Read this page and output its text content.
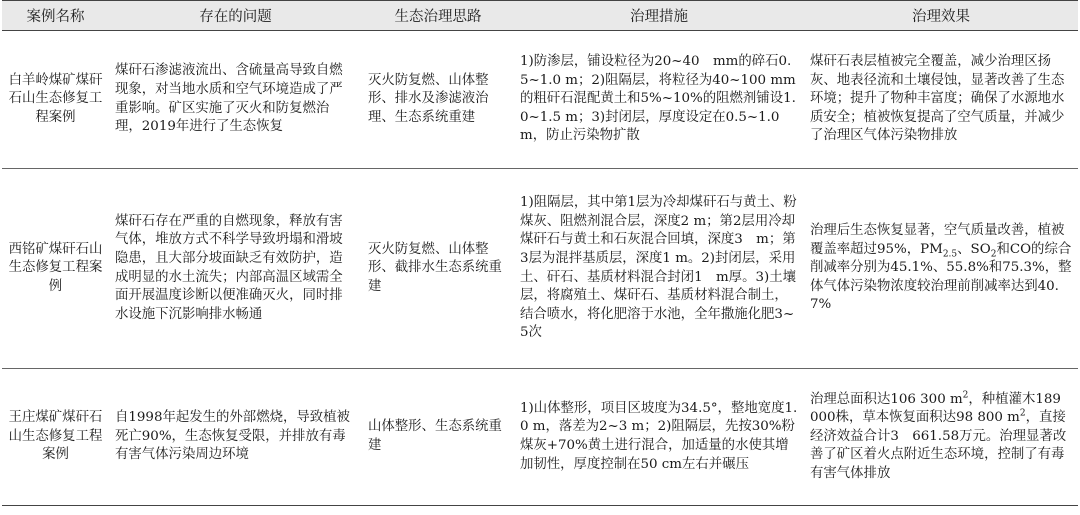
案例名称	存在的问题	生态治理思路	治理措施	治理效果
白羊岭煤矿煤矸石山生态修复工程案例	煤矸石渗滤液流出、含硫量高导致自燃现象，对当地水质和空气环境造成了严重影响。矿区实施了灭火和防复燃治理，2019年进行了生态恢复	灭火防复燃、山体整形、排水及渗滤液治理、生态系统重建	1)防渗层，铺设粒径为20~40　mm的碎石0.5~1.0 m；2)阻隔层，将粒径为40~100 mm的粗矸石混配黄土和5%~10%的阻燃剂铺设1.0~1.5 m；3)封闭层，厚度设定在0.5~1.0 m，防止污染物扩散	煤矸石表层植被完全覆盖，减少治理区扬灰、地表径流和土壤侵蚀，显著改善了生态环境；提升了物种丰富度；确保了水源地水质安全；植被恢复提高了空气质量，并减少了治理区气体污染物排放
西铭矿煤矸石山生态修复工程案例	煤矸石存在严重的自燃现象，释放有害气体，堆放方式不科学导致坍塌和滑坡隐患，且大部分坡面缺乏有效防护，造成明显的水土流失；内部高温区域需全面开展温度诊断以便准确灭火，同时排水设施下沉影响排水畅通	灭火防复燃、山体整形、截排水生态系统重建	1)阻隔层，其中第1层为冷却煤矸石与黄土、粉煤灰、阻燃剂混合层，深度2 m；第2层用冷却煤矸石与黄土和石灰混合回填，深度3　m；第3层为混拌基质层，深度1 m。2)封闭层，采用土、矸石、基质材料混合封闭1　m厚。3)土壤层，将腐殖土、煤矸石、基质材料混合制土，结合喷水，将化肥溶于水池，全年撒施化肥3~5次	治理后生态恢复显著，空气质量改善，植被覆盖率超过95%，$PM_{2.5}$、$SO_2$和CO的综合削减率分别为45.1%、55.8%和75.3%，整体气体污染物浓度较治理前削减率达到40.7%
王庄煤矿煤矸石山生态修复工程案例	自1998年起发生的外部燃烧，导致植被死亡90%，生态恢复受限，并排放有毒有害气体污染周边环境	山体整形、生态系统重建	1)山体整形，项目区坡度为34.5°，整地宽度1.0 m，落差为2~3 m；2)阻隔层，先按30%粉煤灰+70%黄土进行混合，加适量的水使其增加韧性，厚度控制在50 cm左右并碾压	治理总面积达106 300 $m^2$，种植灌木189 000株，草本恢复面积达98 800 $m^2$，直接经济效益合计3　661.58万元。治理显著改善了矿区着火点附近生态环境，控制了有毒有害气体排放
